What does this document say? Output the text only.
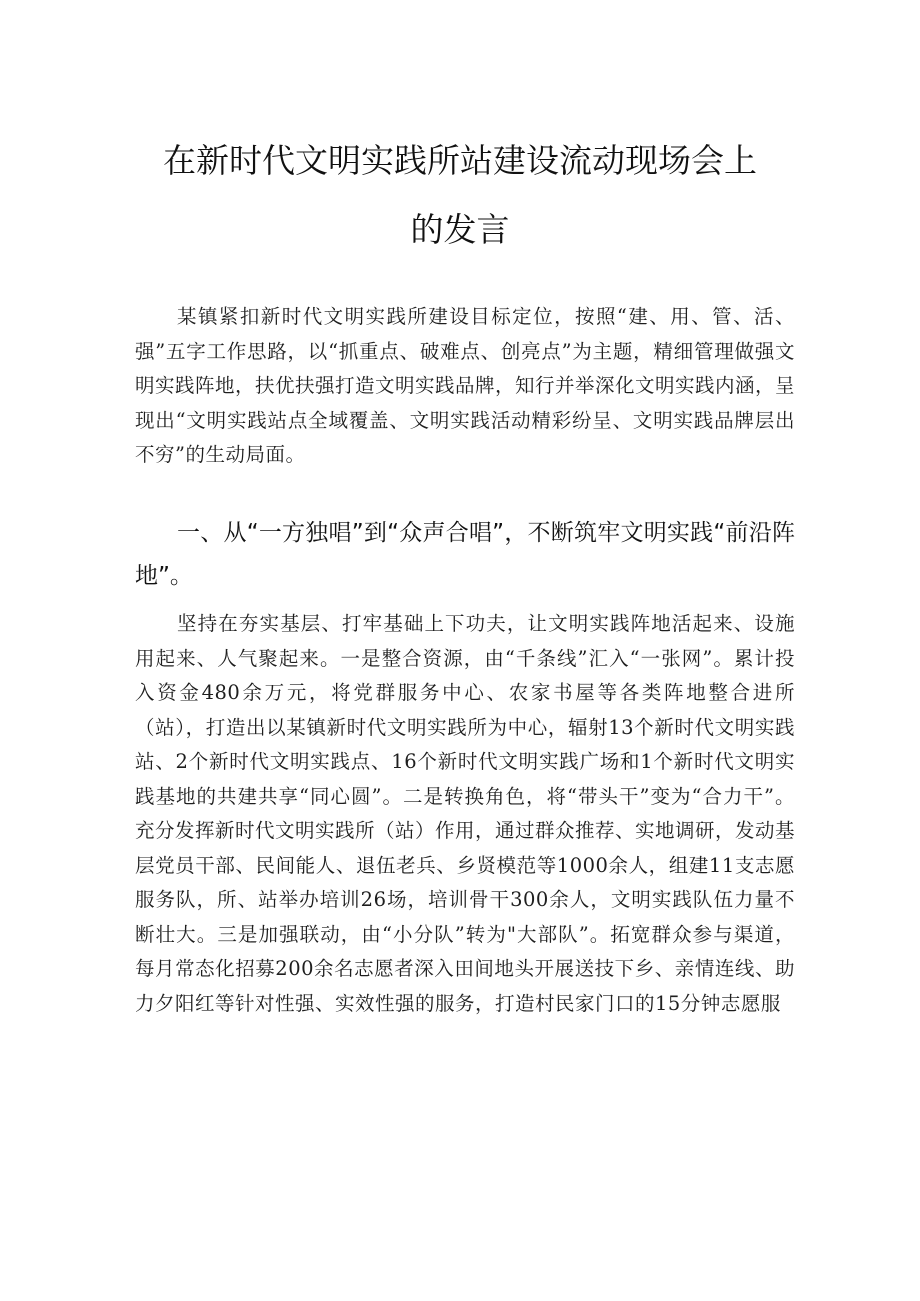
在新时代文明实践所站建设流动现场会上
的发言

某镇紧扣新时代文明实践所建设目标定位，按照“建、用、管、活、强”五字工作思路，以“抓重点、破难点、创亮点”为主题，精细管理做强文明实践阵地，扶优扶强打造文明实践品牌，知行并举深化文明实践内涵，呈现出“文明实践站点全域覆盖、文明实践活动精彩纷呈、文明实践品牌层出不穷”的生动局面。

一、从“一方独唱”到“众声合唱”，不断筑牢文明实践“前沿阵地”。

坚持在夯实基层、打牢基础上下功夫，让文明实践阵地活起来、设施用起来、人气聚起来。一是整合资源，由“千条线”汇入“一张网”。累计投入资金480余万元，将党群服务中心、农家书屋等各类阵地整合进所（站），打造出以某镇新时代文明实践所为中心，辐射13个新时代文明实践站、2个新时代文明实践点、16个新时代文明实践广场和1个新时代文明实践基地的共建共享“同心圆”。二是转换角色，将“带头干”变为“合力干”。充分发挥新时代文明实践所（站）作用，通过群众推荐、实地调研，发动基层党员干部、民间能人、退伍老兵、乡贤模范等1000余人，组建11支志愿服务队，所、站举办培训26场，培训骨干300余人，文明实践队伍力量不断壮大。三是加强联动，由“小分队”转为"大部队”。拓宽群众参与渠道，每月常态化招募200余名志愿者深入田间地头开展送技下乡、亲情连线、助力夕阳红等针对性强、实效性强的服务，打造村民家门口的15分钟志愿服
